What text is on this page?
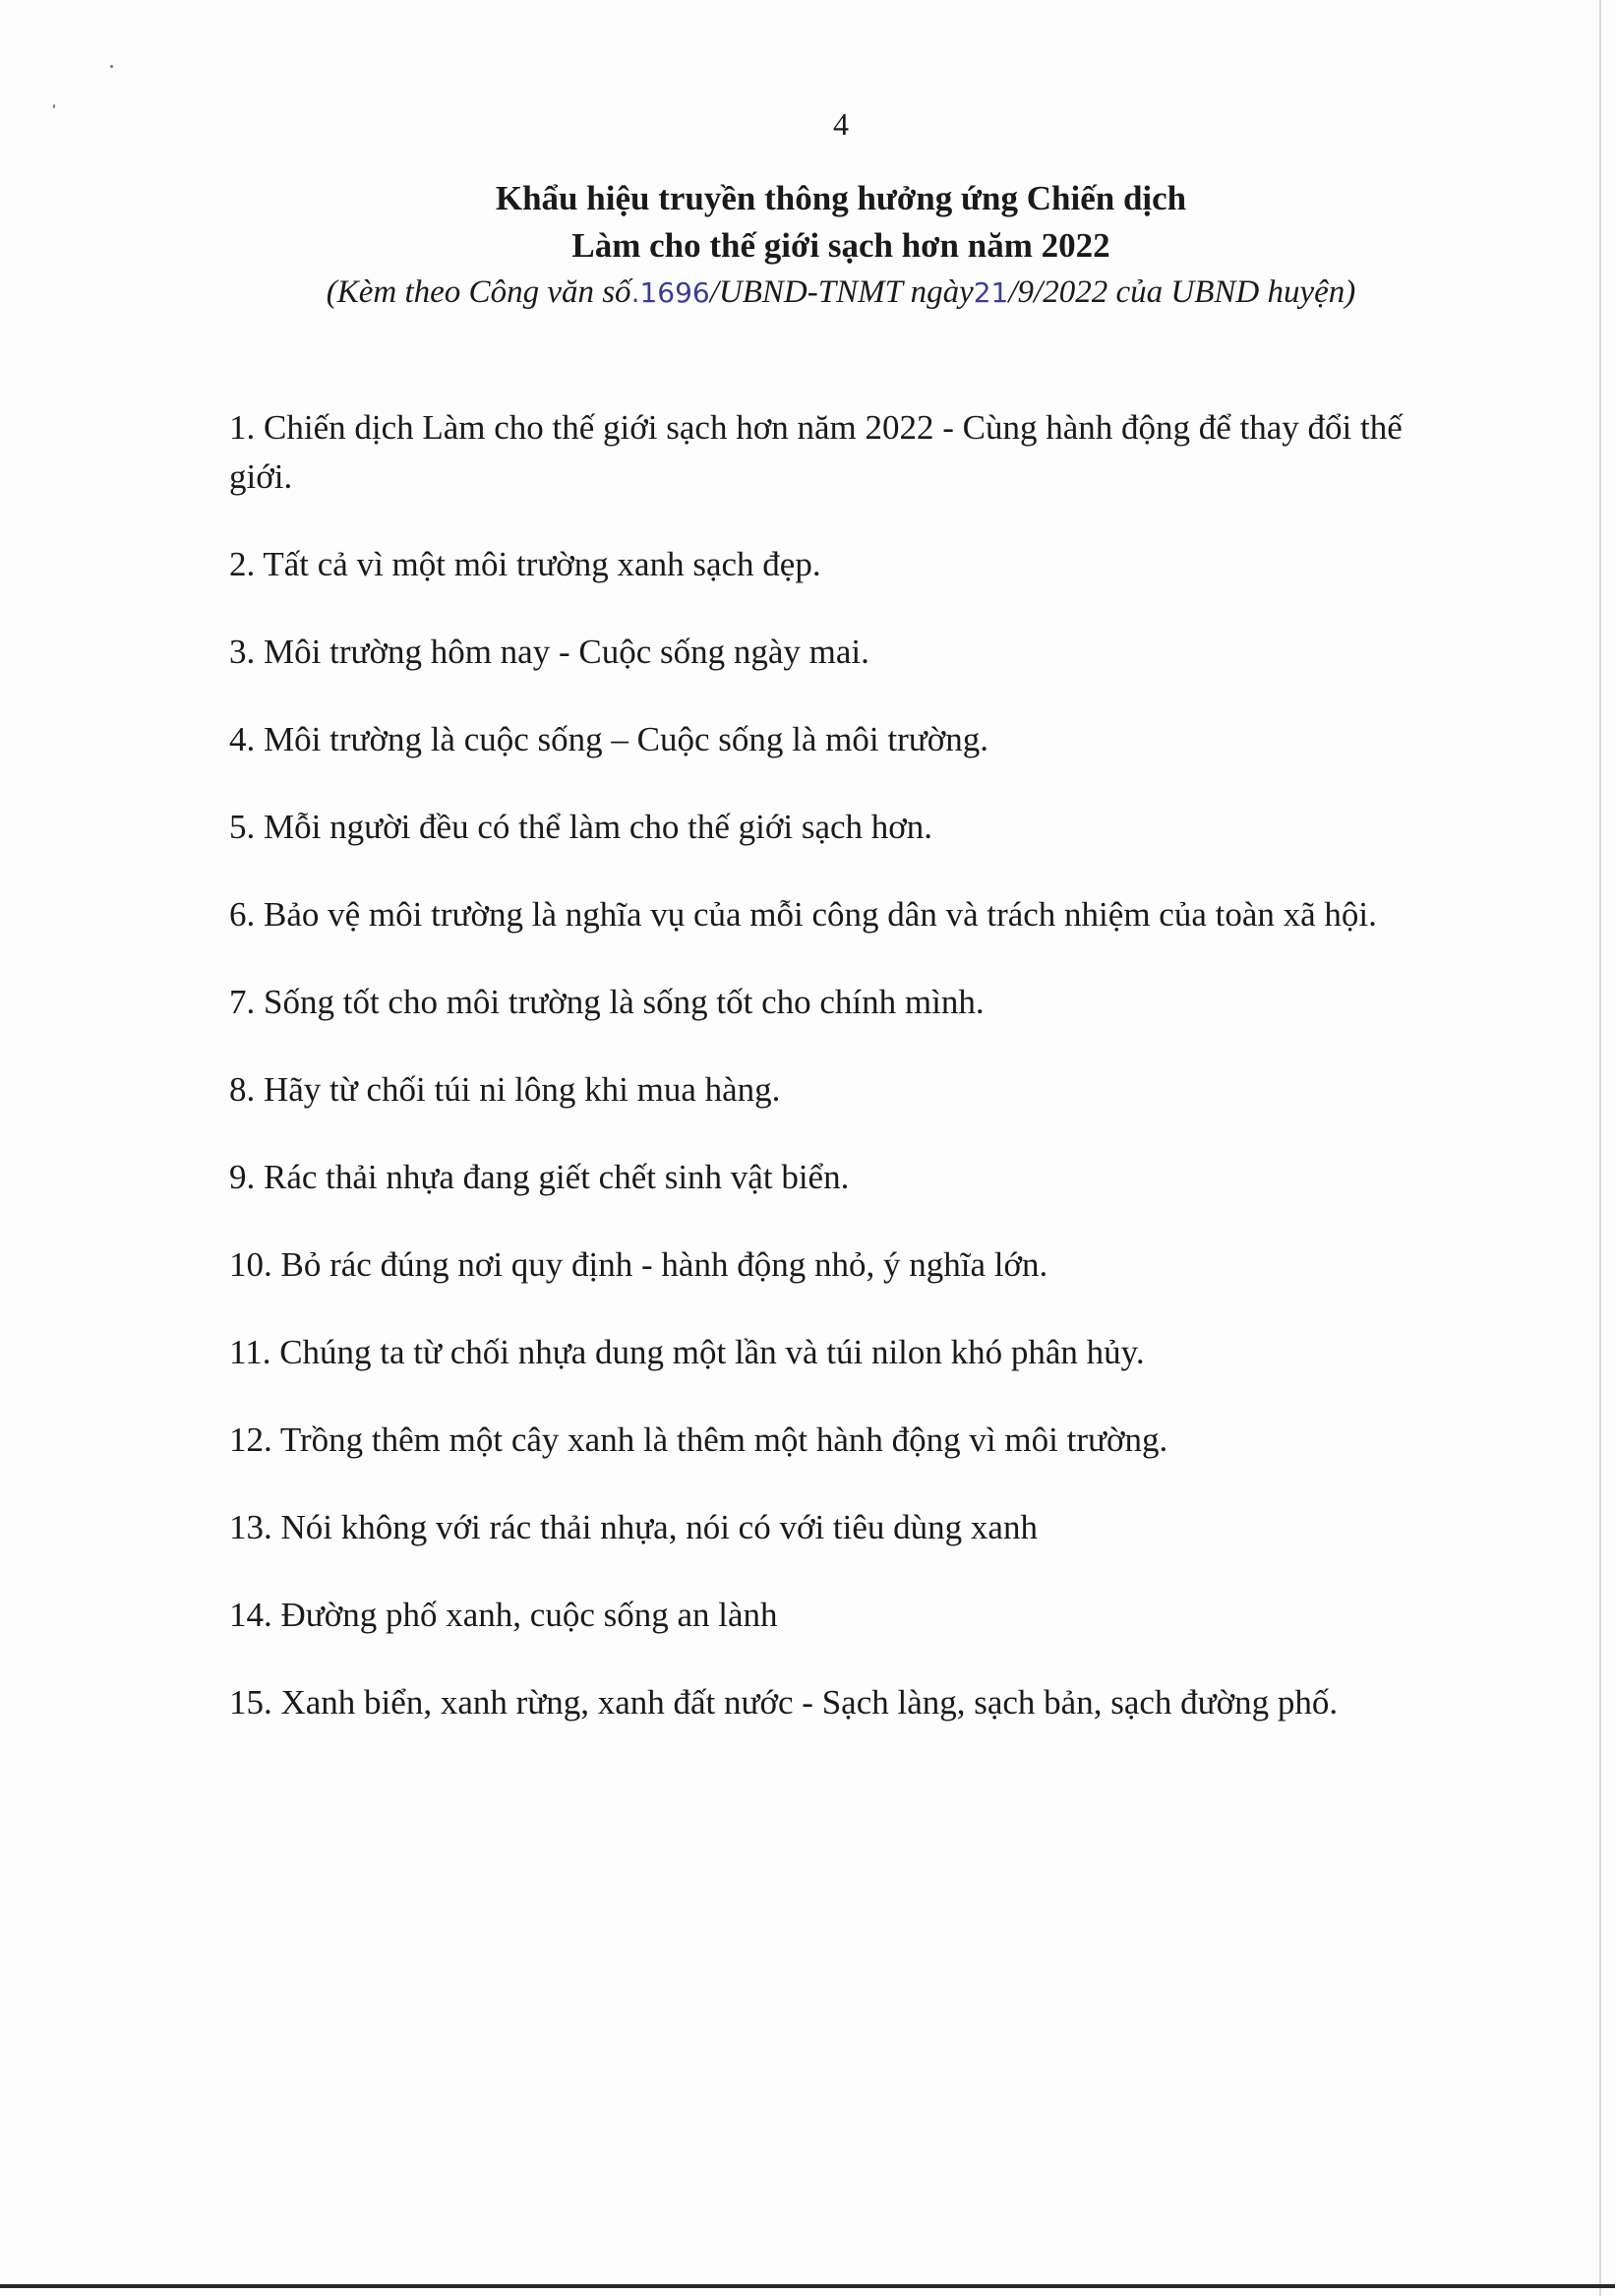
4
Khẩu hiệu truyền thông hưởng ứng Chiến dịch
Làm cho thế giới sạch hơn năm 2022
(Kèm theo Công văn số.1696/UBND-TNMT ngày21/9/2022 của UBND huyện)
1. Chiến dịch Làm cho thế giới sạch hơn năm 2022 - Cùng hành động để thay đổi thế giới.
2. Tất cả vì một môi trường xanh sạch đẹp.
3. Môi trường hôm nay - Cuộc sống ngày mai.
4. Môi trường là cuộc sống – Cuộc sống là môi trường.
5. Mỗi người đều có thể làm cho thế giới sạch hơn.
6. Bảo vệ môi trường là nghĩa vụ của mỗi công dân và trách nhiệm của toàn xã hội.
7. Sống tốt cho môi trường là sống tốt cho chính mình.
8. Hãy từ chối túi ni lông khi mua hàng.
9. Rác thải nhựa đang giết chết sinh vật biển.
10. Bỏ rác đúng nơi quy định - hành động nhỏ, ý nghĩa lớn.
11. Chúng ta từ chối nhựa dung một lần và túi nilon khó phân hủy.
12. Trồng thêm một cây xanh là thêm một hành động vì môi trường.
13. Nói không với rác thải nhựa, nói có với tiêu dùng xanh
14. Đường phố xanh, cuộc sống an lành
15. Xanh biển, xanh rừng, xanh đất nước - Sạch làng, sạch bản, sạch đường phố.
